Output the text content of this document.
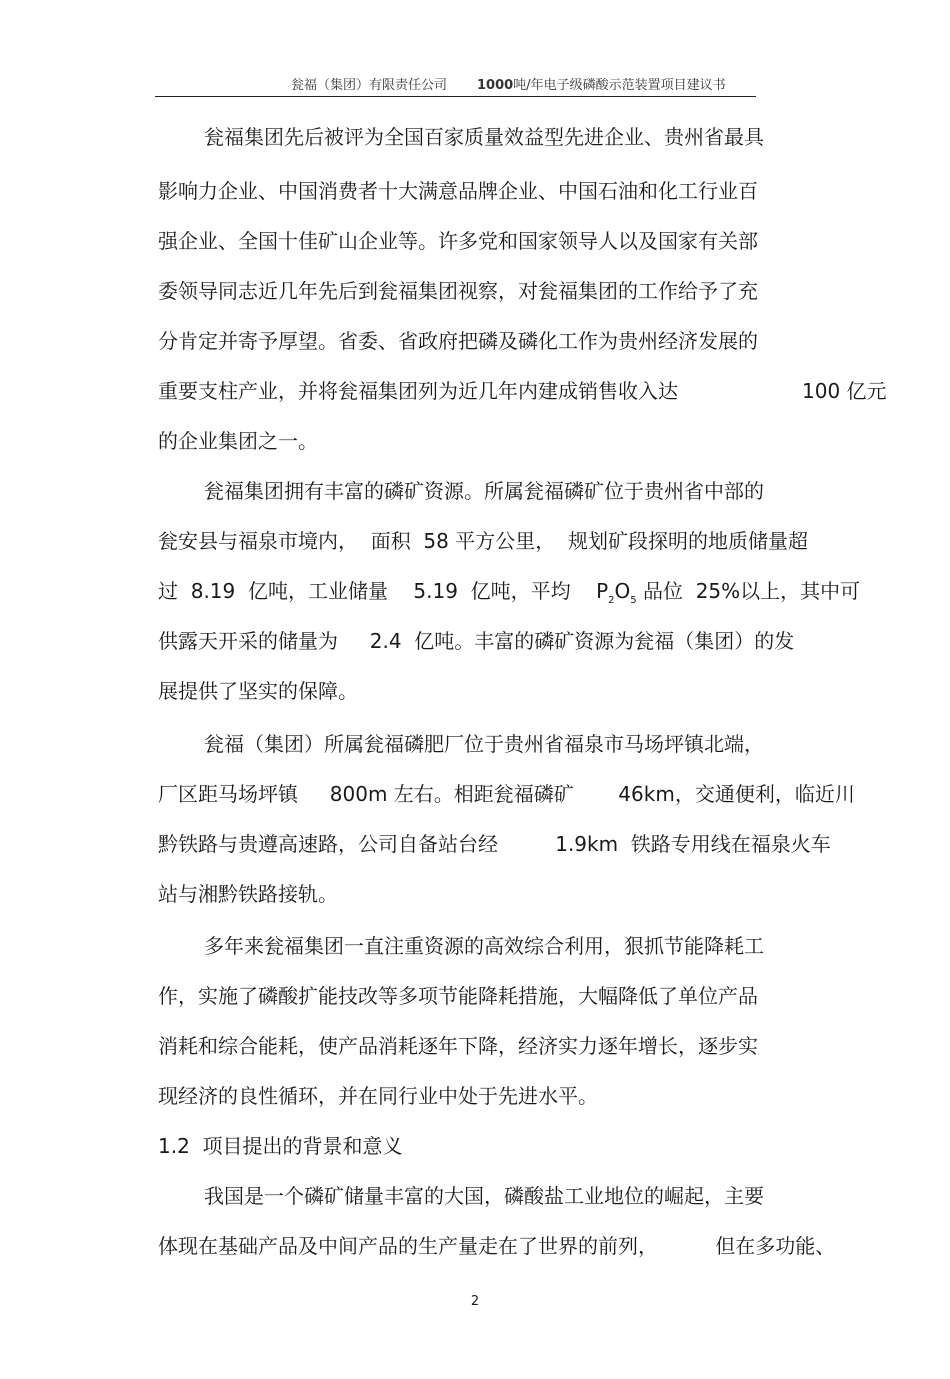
瓮福（集团）有限责任公司 1000吨/年电子级磷酸示范装置项目建议书
瓮福集团先后被评为全国百家质量效益型先进企业、贵州省最具
影响力企业、中国消费者十大满意品牌企业、中国石油和化工行业百
强企业、全国十佳矿山企业等。许多党和国家领导人以及国家有关部
委领导同志近几年先后到瓮福集团视察，对瓮福集团的工作给予了充
分肯定并寄予厚望。省委、省政府把磷及磷化工作为贵州经济发展的
重要支柱产业，并将瓮福集团列为近几年内建成销售收入达	100 亿元
的企业集团之一。
瓮福集团拥有丰富的磷矿资源。所属瓮福磷矿位于贵州省中部的
瓮安县与福泉市境内，  面积  58 平方公里，  规划矿段探明的地质储量超
过  8.19  亿吨，工业储量    5.19  亿吨，平均    $P_2O_5$ 品位  25%以上，其中可
供露天开采的储量为     2.4  亿吨。丰富的磷矿资源为瓮福（集团）的发
展提供了坚实的保障。
瓮福（集团）所属瓮福磷肥厂位于贵州省福泉市马场坪镇北端，
厂区距马场坪镇     800m 左右。相距瓮福磷矿       46km，交通便利，临近川
黔铁路与贵遵高速路，公司自备站台经         1.9km  铁路专用线在福泉火车
站与湘黔铁路接轨。
多年来瓮福集团一直注重资源的高效综合利用，狠抓节能降耗工
作，实施了磷酸扩能技改等多项节能降耗措施，大幅降低了单位产品
消耗和综合能耗，使产品消耗逐年下降，经济实力逐年增长，逐步实
现经济的良性循环，并在同行业中处于先进水平。
1.2  项目提出的背景和意义
我国是一个磷矿储量丰富的大国，磷酸盐工业地位的崛起，主要
体现在基础产品及中间产品的生产量走在了世界的前列，         但在多功能、
2
